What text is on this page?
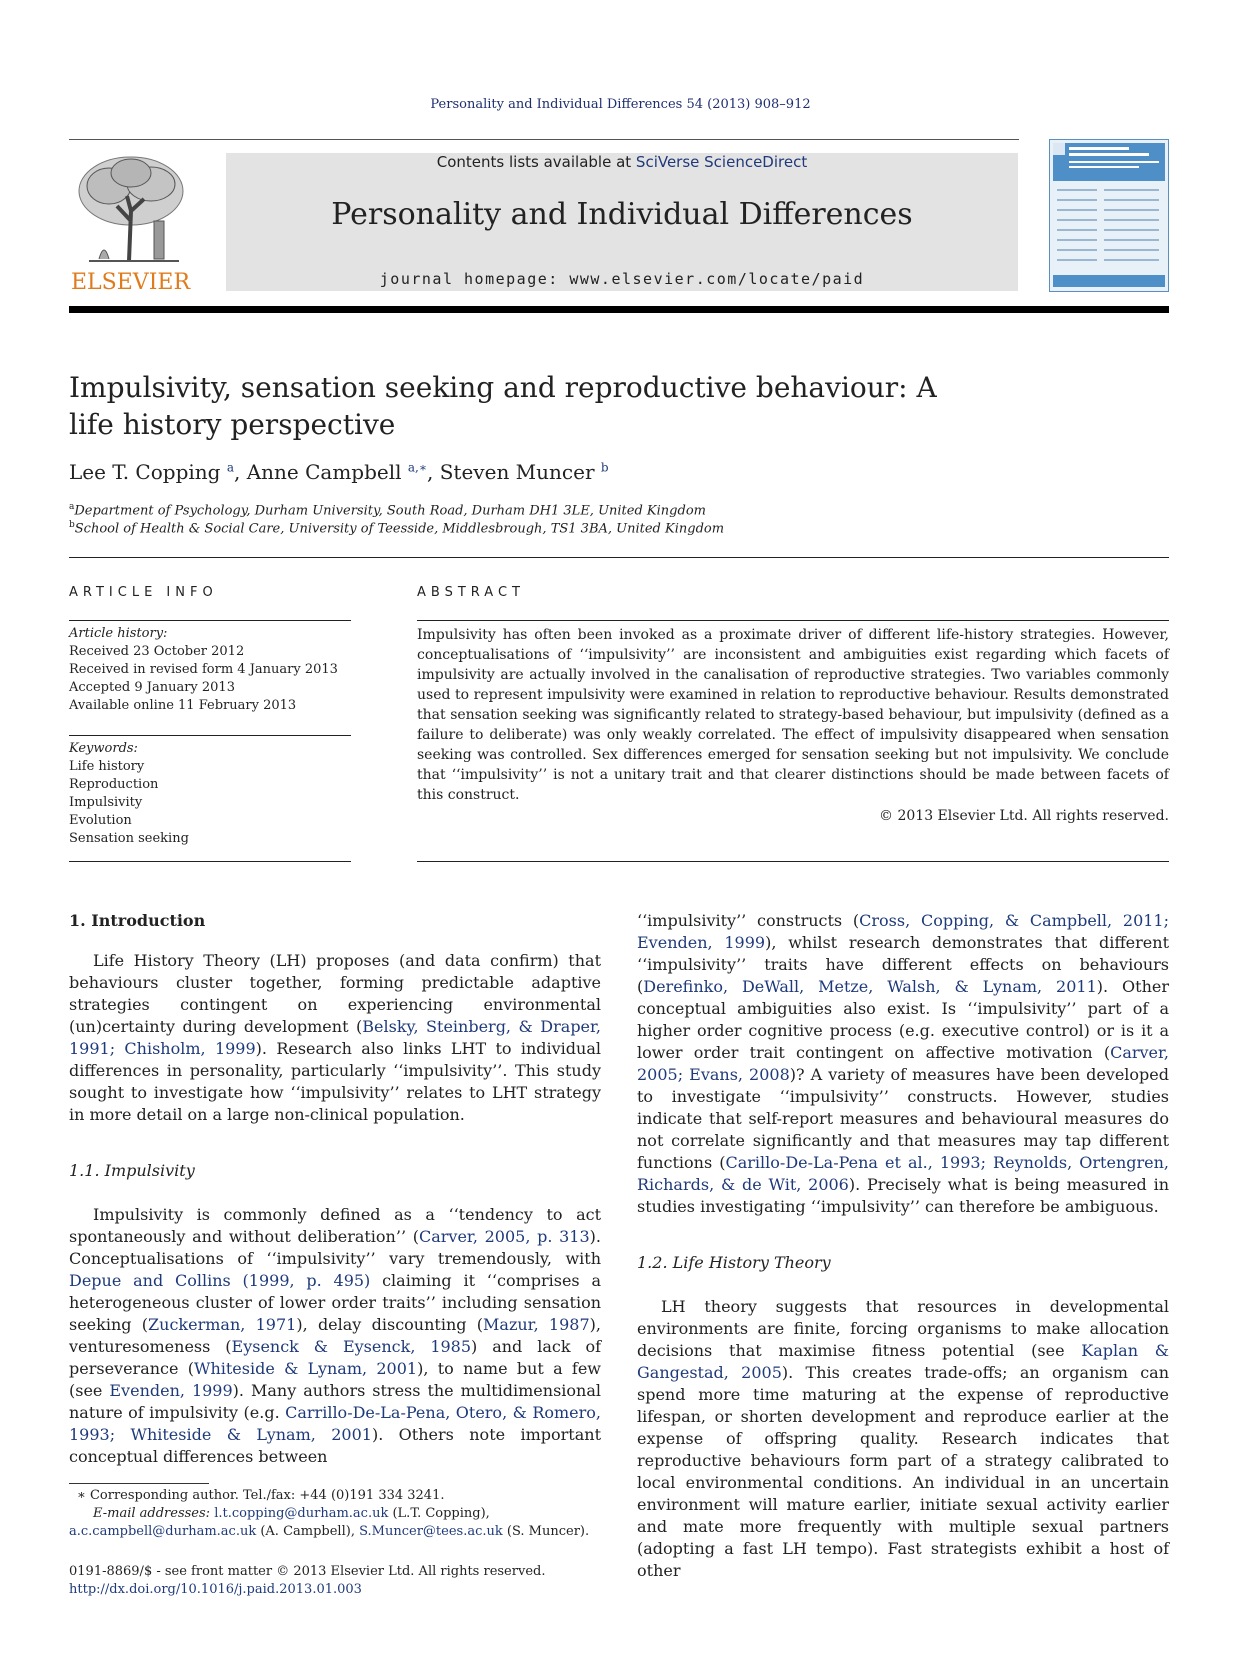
Personality and Individual Differences 54 (2013) 908–912
ELSEVIER
Contents lists available at SciVerse ScienceDirect
Personality and Individual Differences
journal homepage: www.elsevier.com/locate/paid
Impulsivity, sensation seeking and reproductive behaviour: A life history perspective
Lee T. Copping $^a$, Anne Campbell $^{a,∗}$, Steven Muncer $^b$
$^a$Department of Psychology, Durham University, South Road, Durham DH1 3LE, United Kingdom
$^b$School of Health & Social Care, University of Teesside, Middlesbrough, TS1 3BA, United Kingdom
ARTICLE INFO	ABSTRACT
Article history:
Received 23 October 2012
Received in revised form 4 January 2013
Accepted 9 January 2013
Available online 11 February 2013
Keywords:
Life history
Reproduction
Impulsivity
Evolution
Sensation seeking
Impulsivity has often been invoked as a proximate driver of different life-history strategies. However, conceptualisations of ‘‘impulsivity’’ are inconsistent and ambiguities exist regarding which facets of impulsivity are actually involved in the canalisation of reproductive strategies. Two variables commonly used to represent impulsivity were examined in relation to reproductive behaviour. Results demonstrated that sensation seeking was significantly related to strategy-based behaviour, but impulsivity (defined as a failure to deliberate) was only weakly correlated. The effect of impulsivity disappeared when sensation seeking was controlled. Sex differences emerged for sensation seeking but not impulsivity. We conclude that ‘‘impulsivity’’ is not a unitary trait and that clearer distinctions should be made between facets of this construct.
© 2013 Elsevier Ltd. All rights reserved.
1. Introduction

Life History Theory (LH) proposes (and data confirm) that behaviours cluster together, forming predictable adaptive strategies contingent on experiencing environmental (un)certainty during development (Belsky, Steinberg, & Draper, 1991; Chisholm, 1999). Research also links LHT to individual differences in personality, particularly ‘‘impulsivity’’. This study sought to investigate how ‘‘impulsivity’’ relates to LHT strategy in more detail on a large non-clinical population.

1.1. Impulsivity

Impulsivity is commonly defined as a ‘‘tendency to act spontaneously and without deliberation’’ (Carver, 2005, p. 313). Conceptualisations of ‘‘impulsivity’’ vary tremendously, with Depue and Collins (1999, p. 495) claiming it ‘‘comprises a heterogeneous cluster of lower order traits’’ including sensation seeking (Zuckerman, 1971), delay discounting (Mazur, 1987), venturesomeness (Eysenck & Eysenck, 1985) and lack of perseverance (Whiteside & Lynam, 2001), to name but a few (see Evenden, 1999). Many authors stress the multidimensional nature of impulsivity (e.g. Carrillo-De-La-Pena, Otero, & Romero, 1993; Whiteside & Lynam, 2001). Others note important conceptual differences between

‘‘impulsivity’’ constructs (Cross, Copping, & Campbell, 2011; Evenden, 1999), whilst research demonstrates that different ‘‘impulsivity’’ traits have different effects on behaviours (Derefinko, DeWall, Metze, Walsh, & Lynam, 2011). Other conceptual ambiguities also exist. Is ‘‘impulsivity’’ part of a higher order cognitive process (e.g. executive control) or is it a lower order trait contingent on affective motivation (Carver, 2005; Evans, 2008)? A variety of measures have been developed to investigate ‘‘impulsivity’’ constructs. However, studies indicate that self-report measures and behavioural measures do not correlate significantly and that measures may tap different functions (Carillo-De-La-Pena et al., 1993; Reynolds, Ortengren, Richards, & de Wit, 2006). Precisely what is being measured in studies investigating ‘‘impulsivity’’ can therefore be ambiguous.

1.2. Life History Theory

LH theory suggests that resources in developmental environments are finite, forcing organisms to make allocation decisions that maximise fitness potential (see Kaplan & Gangestad, 2005). This creates trade-offs; an organism can spend more time maturing at the expense of reproductive lifespan, or shorten development and reproduce earlier at the expense of offspring quality. Research indicates that reproductive behaviours form part of a strategy calibrated to local environmental conditions. An individual in an uncertain environment will mature earlier, initiate sexual activity earlier and mate more frequently with multiple sexual partners (adopting a fast LH tempo). Fast strategists exhibit a host of other

∗ Corresponding author. Tel./fax: +44 (0)191 334 3241.
E-mail addresses: l.t.copping@durham.ac.uk (L.T. Copping), a.c.campbell@durham.ac.uk (A. Campbell), S.Muncer@tees.ac.uk (S. Muncer).
0191-8869/$ - see front matter © 2013 Elsevier Ltd. All rights reserved.
http://dx.doi.org/10.1016/j.paid.2013.01.003
